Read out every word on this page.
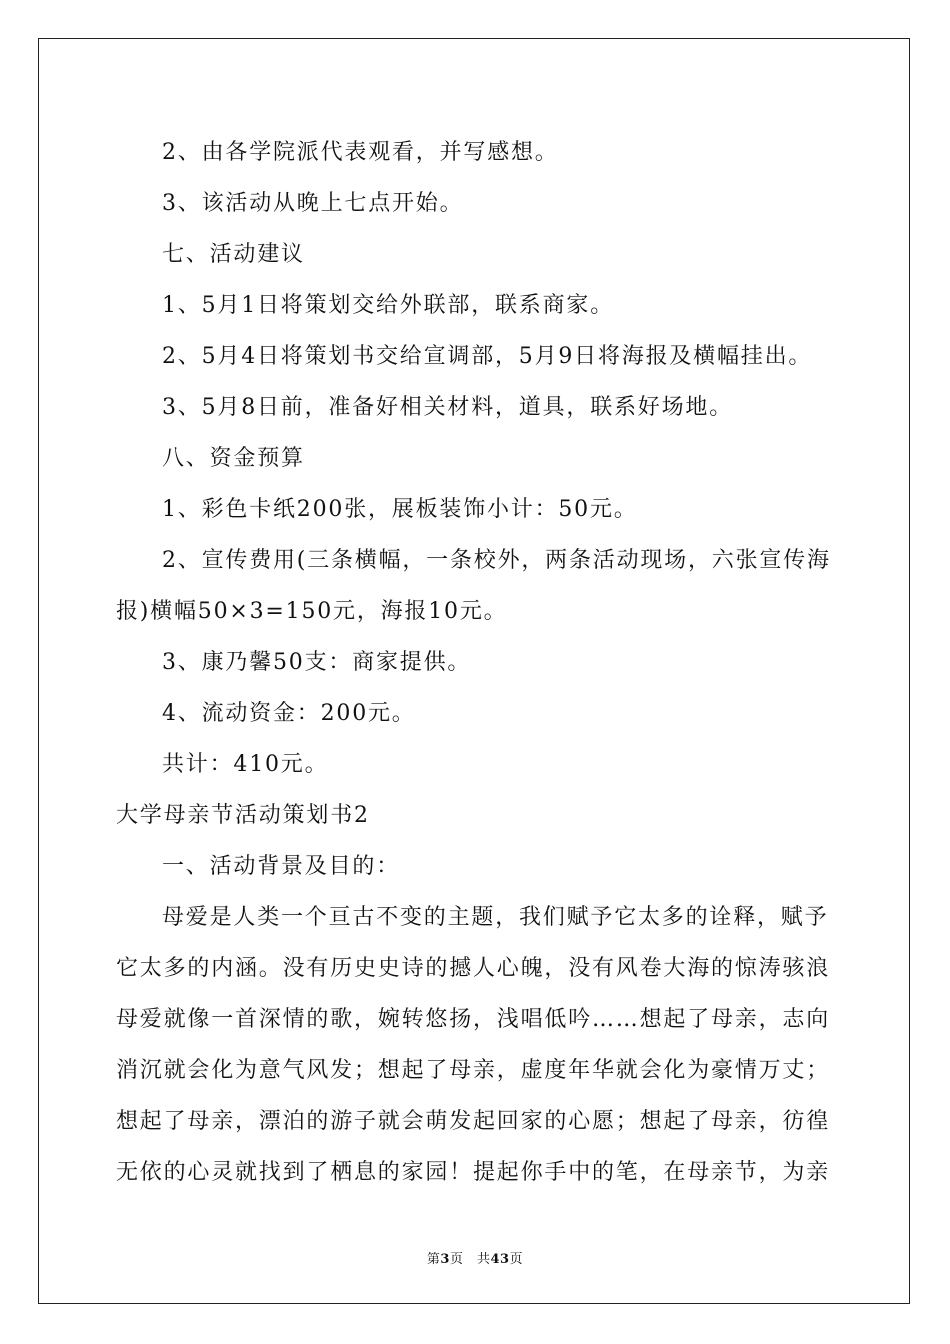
2、由各学院派代表观看，并写感想。

3、该活动从晚上七点开始。

七、活动建议

1、5月1日将策划交给外联部，联系商家。

2、5月4日将策划书交给宣调部，5月9日将海报及横幅挂出。

3、5月8日前，准备好相关材料，道具，联系好场地。

八、资金预算

1、彩色卡纸200张，展板装饰小计：50元。

2、宣传费用(三条横幅，一条校外，两条活动现场，六张宣传海

报)横幅50×3=150元，海报10元。

3、康乃馨50支：商家提供。

4、流动资金：200元。

共计：410元。

大学母亲节活动策划书2

一、活动背景及目的：

母爱是人类一个亘古不变的主题，我们赋予它太多的诠释，赋予

它太多的内涵。没有历史史诗的撼人心魄，没有风卷大海的惊涛骇浪

母爱就像一首深情的歌，婉转悠扬，浅唱低吟……想起了母亲，志向

消沉就会化为意气风发；想起了母亲，虚度年华就会化为豪情万丈；

想起了母亲，漂泊的游子就会萌发起回家的心愿；想起了母亲，彷徨

无依的心灵就找到了栖息的家园！提起你手中的笔，在母亲节，为亲

第3页　共43页
